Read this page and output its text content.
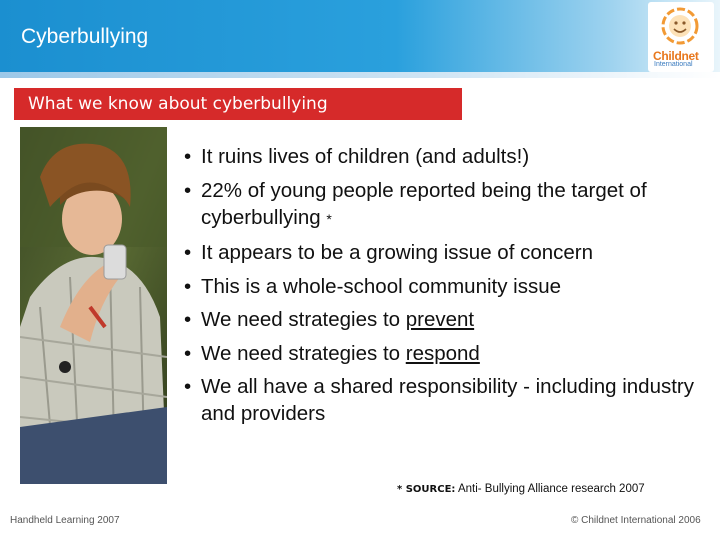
Cyberbullying
Childnet
International
What we know about cyberbullying
• It ruins lives of children (and adults!)
• 22% of young people reported being the target of cyberbullying *
• It appears to be a growing issue of concern
• This is a whole-school community issue
• We need strategies to prevent
• We need strategies to respond
• We all have a shared responsibility - including industry and providers
* SOURCE: Anti- Bullying Alliance research 2007
Handheld Learning 2007	© Childnet International 2006
